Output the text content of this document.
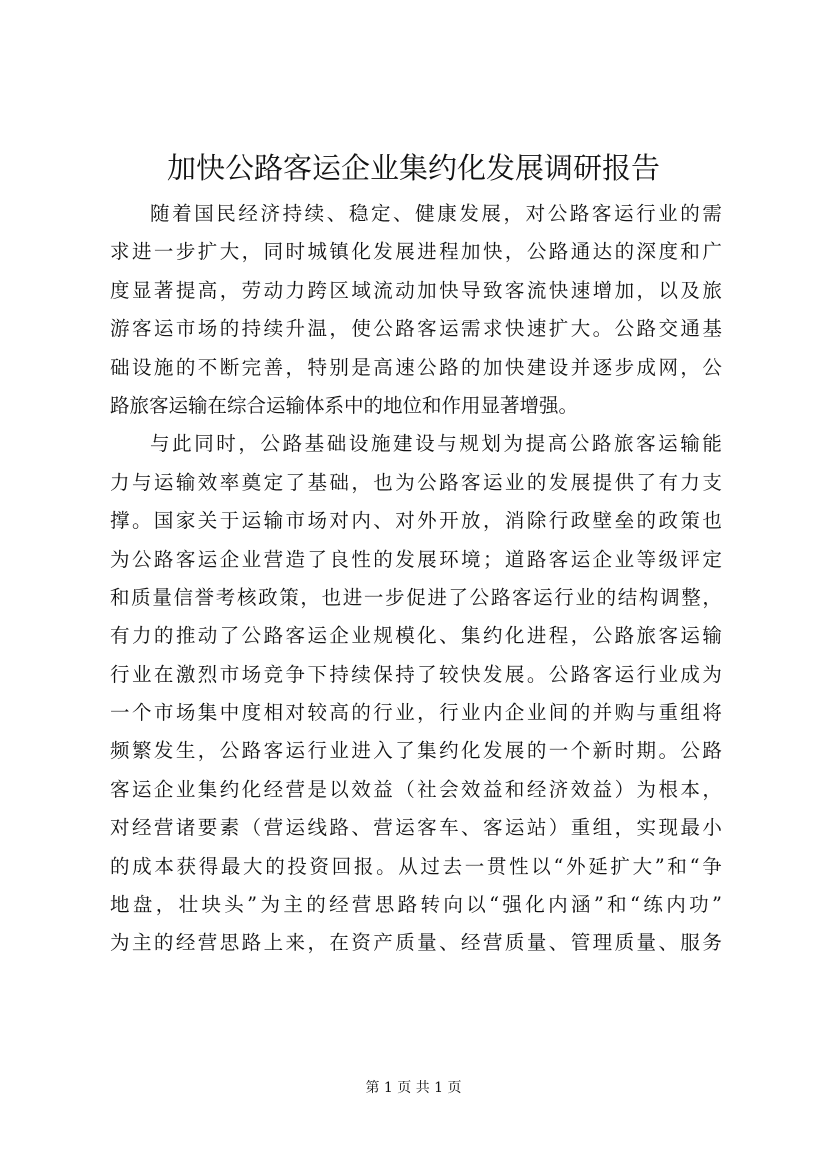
加快公路客运企业集约化发展调研报告
随 着 国 民 经 济 持 续 、 稳 定 、 健 康 发 展 ， 对 公 路 客 运 行 业 的 需
求 进 一 步 扩 大 ， 同 时 城 镇 化 发 展 进 程 加 快 ， 公 路 通 达 的 深 度 和 广
度 显 著 提 高 ， 劳 动 力 跨 区 域 流 动 加 快 导 致 客 流 快 速 增 加 ， 以 及 旅
游 客 运 市 场 的 持 续 升 温 ， 使 公 路 客 运 需 求 快 速 扩 大 。 公 路 交 通 基
础 设 施 的 不 断 完 善 ， 特 别 是 高 速 公 路 的 加 快 建 设 并 逐 步 成 网 ， 公
路旅客运输在综合运输体系中的地位和作用显著增强。
与 此 同 时 ， 公 路 基 础 设 施 建 设 与 规 划 为 提 高 公 路 旅 客 运 输 能
力 与 运 输 效 率 奠 定 了 基 础 ， 也 为 公 路 客 运 业 的 发 展 提 供 了 有 力 支
撑 。 国 家 关 于 运 输 市 场 对 内 、 对 外 开 放 ， 消 除 行 政 壁 垒 的 政 策 也
为 公 路 客 运 企 业 营 造 了 良 性 的 发 展 环 境 ； 道 路 客 运 企 业 等 级 评 定
和 质 量 信 誉 考 核 政 策 ， 也 进 一 步 促 进 了 公 路 客 运 行 业 的 结 构 调 整 ，
有 力 的 推 动 了 公 路 客 运 企 业 规 模 化 、 集 约 化 进 程 ， 公 路 旅 客 运 输
行 业 在 激 烈 市 场 竞 争 下 持 续 保 持 了 较 快 发 展 。 公 路 客 运 行 业 成 为
一 个 市 场 集 中 度 相 对 较 高 的 行 业 ， 行 业 内 企 业 间 的 并 购 与 重 组 将
频 繁 发 生 ， 公 路 客 运 行 业 进 入 了 集 约 化 发 展 的 一 个 新 时 期 。 公 路
客 运 企 业 集 约 化 经 营 是 以 效 益 （ 社 会 效 益 和 经 济 效 益 ） 为 根 本 ，
对 经 营 诸 要 素 （ 营 运 线 路 、 营 运 客 车 、 客 运 站 ） 重 组 ， 实 现 最 小
的 成 本 获 得 最 大 的 投 资 回 报 。 从 过 去 一 贯 性 以 “ 外 延 扩 大 ” 和 “ 争
地 盘 ， 壮 块 头 ” 为 主 的 经 营 思 路 转 向 以 “ 强 化 内 涵 ” 和 “ 练 内 功 ”
为 主 的 经 营 思 路 上 来 ， 在 资 产 质 量 、 经 营 质 量 、 管 理 质 量 、 服 务
第 1 页 共 1 页
